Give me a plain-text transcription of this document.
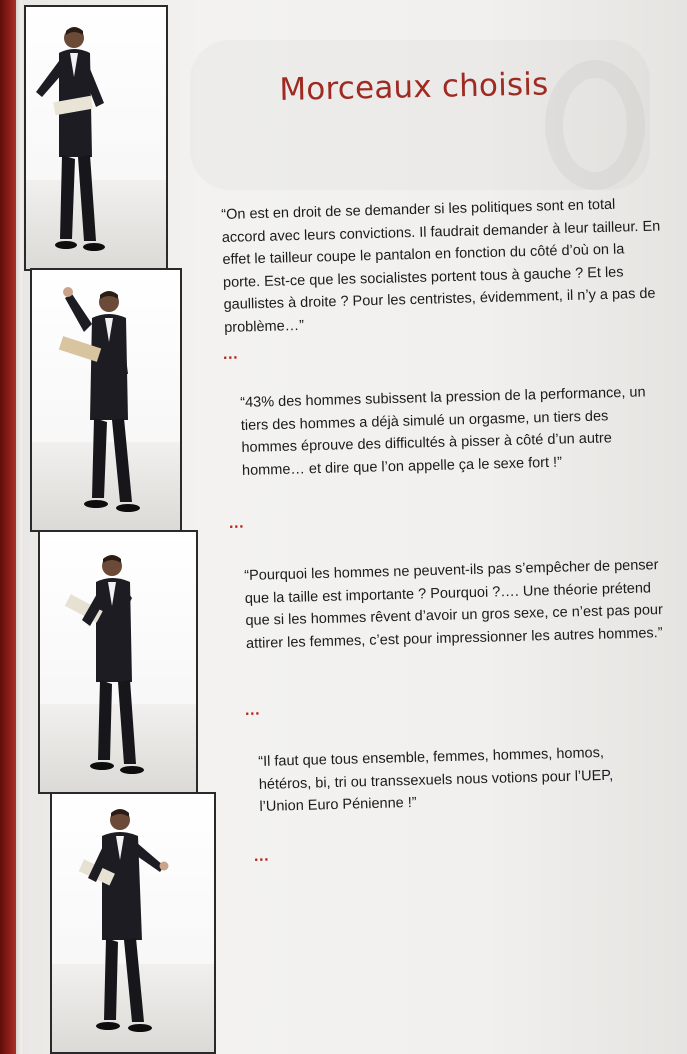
Morceaux choisis

“On est en droit de se demander si les politiques sont en total accord avec leurs convictions. Il faudrait demander à leur tailleur. En effet le tailleur coupe le pantalon en fonction du côté d’où on la porte. Est-ce que les socialistes portent tous à gauche ? Et les gaullistes à droite ? Pour les centristes, évidemment, il n’y a pas de problème…”

…

“43% des hommes subissent la pression de la performance, un tiers des hommes a déjà simulé un orgasme, un tiers des hommes éprouve des difficultés à pisser à côté d’un autre homme… et dire que l’on appelle ça le sexe fort !”

…

“Pourquoi les hommes ne peuvent-ils pas s’empêcher de penser que la taille est importante ? Pourquoi ?…. Une théorie prétend que si les hommes rêvent d’avoir un gros sexe, ce n’est pas pour attirer les femmes, c’est pour impressionner les autres hommes.”

…

“Il faut que tous ensemble, femmes, hommes, homos, hétéros, bi, tri ou transsexuels nous votions pour l’UEP, l’Union Euro Pénienne !”

…
